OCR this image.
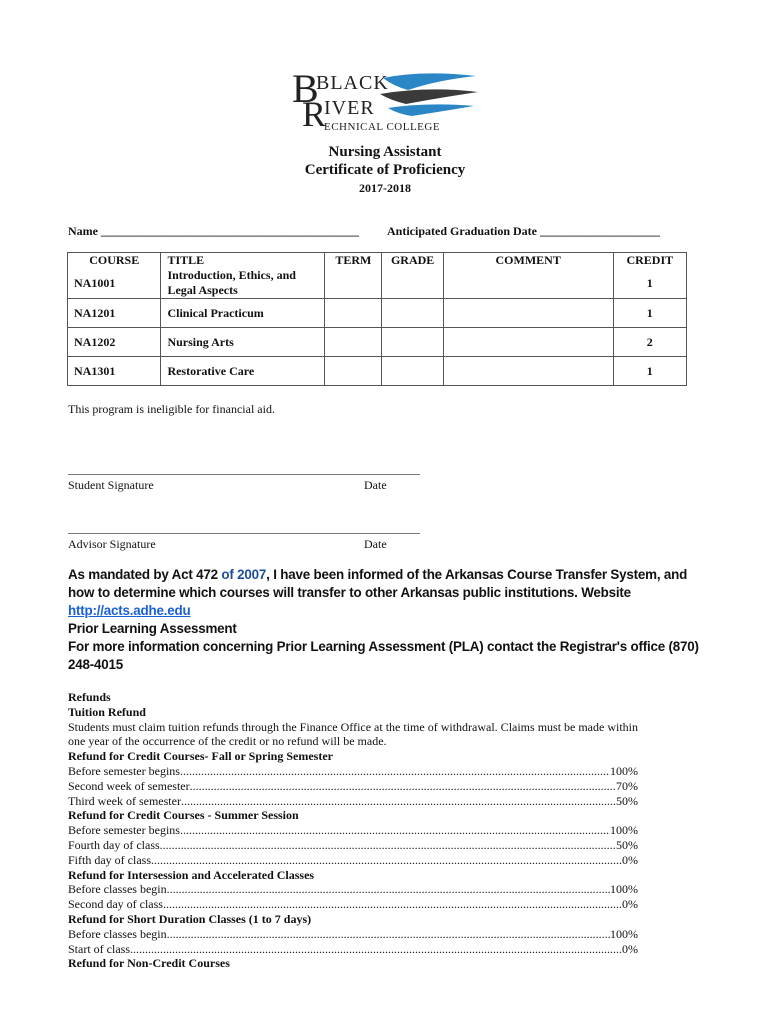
B
BLACK
R
IVER
ECHNICAL COLLEGE
Nursing Assistant
Certificate of Proficiency
2017-2018
Name ___________________________________________ Anticipated Graduation Date ____________________
COURSE	TITLE	TERM	GRADE	COMMENT	CREDIT
NA1001	Introduction, Ethics, and Legal Aspects				1
NA1201	Clinical Practicum				1
NA1202	Nursing Arts				2
NA1301	Restorative Care				1
This program is ineligible for financial aid.
Student Signature	Date
Advisor Signature	Date
As mandated by Act 472 of 2007, I have been informed of the Arkansas Course Transfer System, and how to determine which courses will transfer to other Arkansas public institutions. Website http://acts.adhe.edu
Prior Learning Assessment
For more information concerning Prior Learning Assessment (PLA) contact the Registrar's office (870) 248-4015
Refunds
Tuition Refund
Students must claim tuition refunds through the Finance Office at the time of withdrawal. Claims must be made within one year of the occurrence of the credit or no refund will be made.
Refund for Credit Courses- Fall or Spring Semester
Before semester begins .....	100%
Second week of semester .....	70%
Third week of semester .....	50%
Refund for Credit Courses - Summer Session
Before semester begins .....	100%
Fourth day of class .....	50%
Fifth day of class .....	0%
Refund for Intersession and Accelerated Classes
Before classes begin .....	100%
Second day of class .....	0%
Refund for Short Duration Classes (1 to 7 days)
Before classes begin .....	100%
Start of class .....	0%
Refund for Non-Credit Courses
